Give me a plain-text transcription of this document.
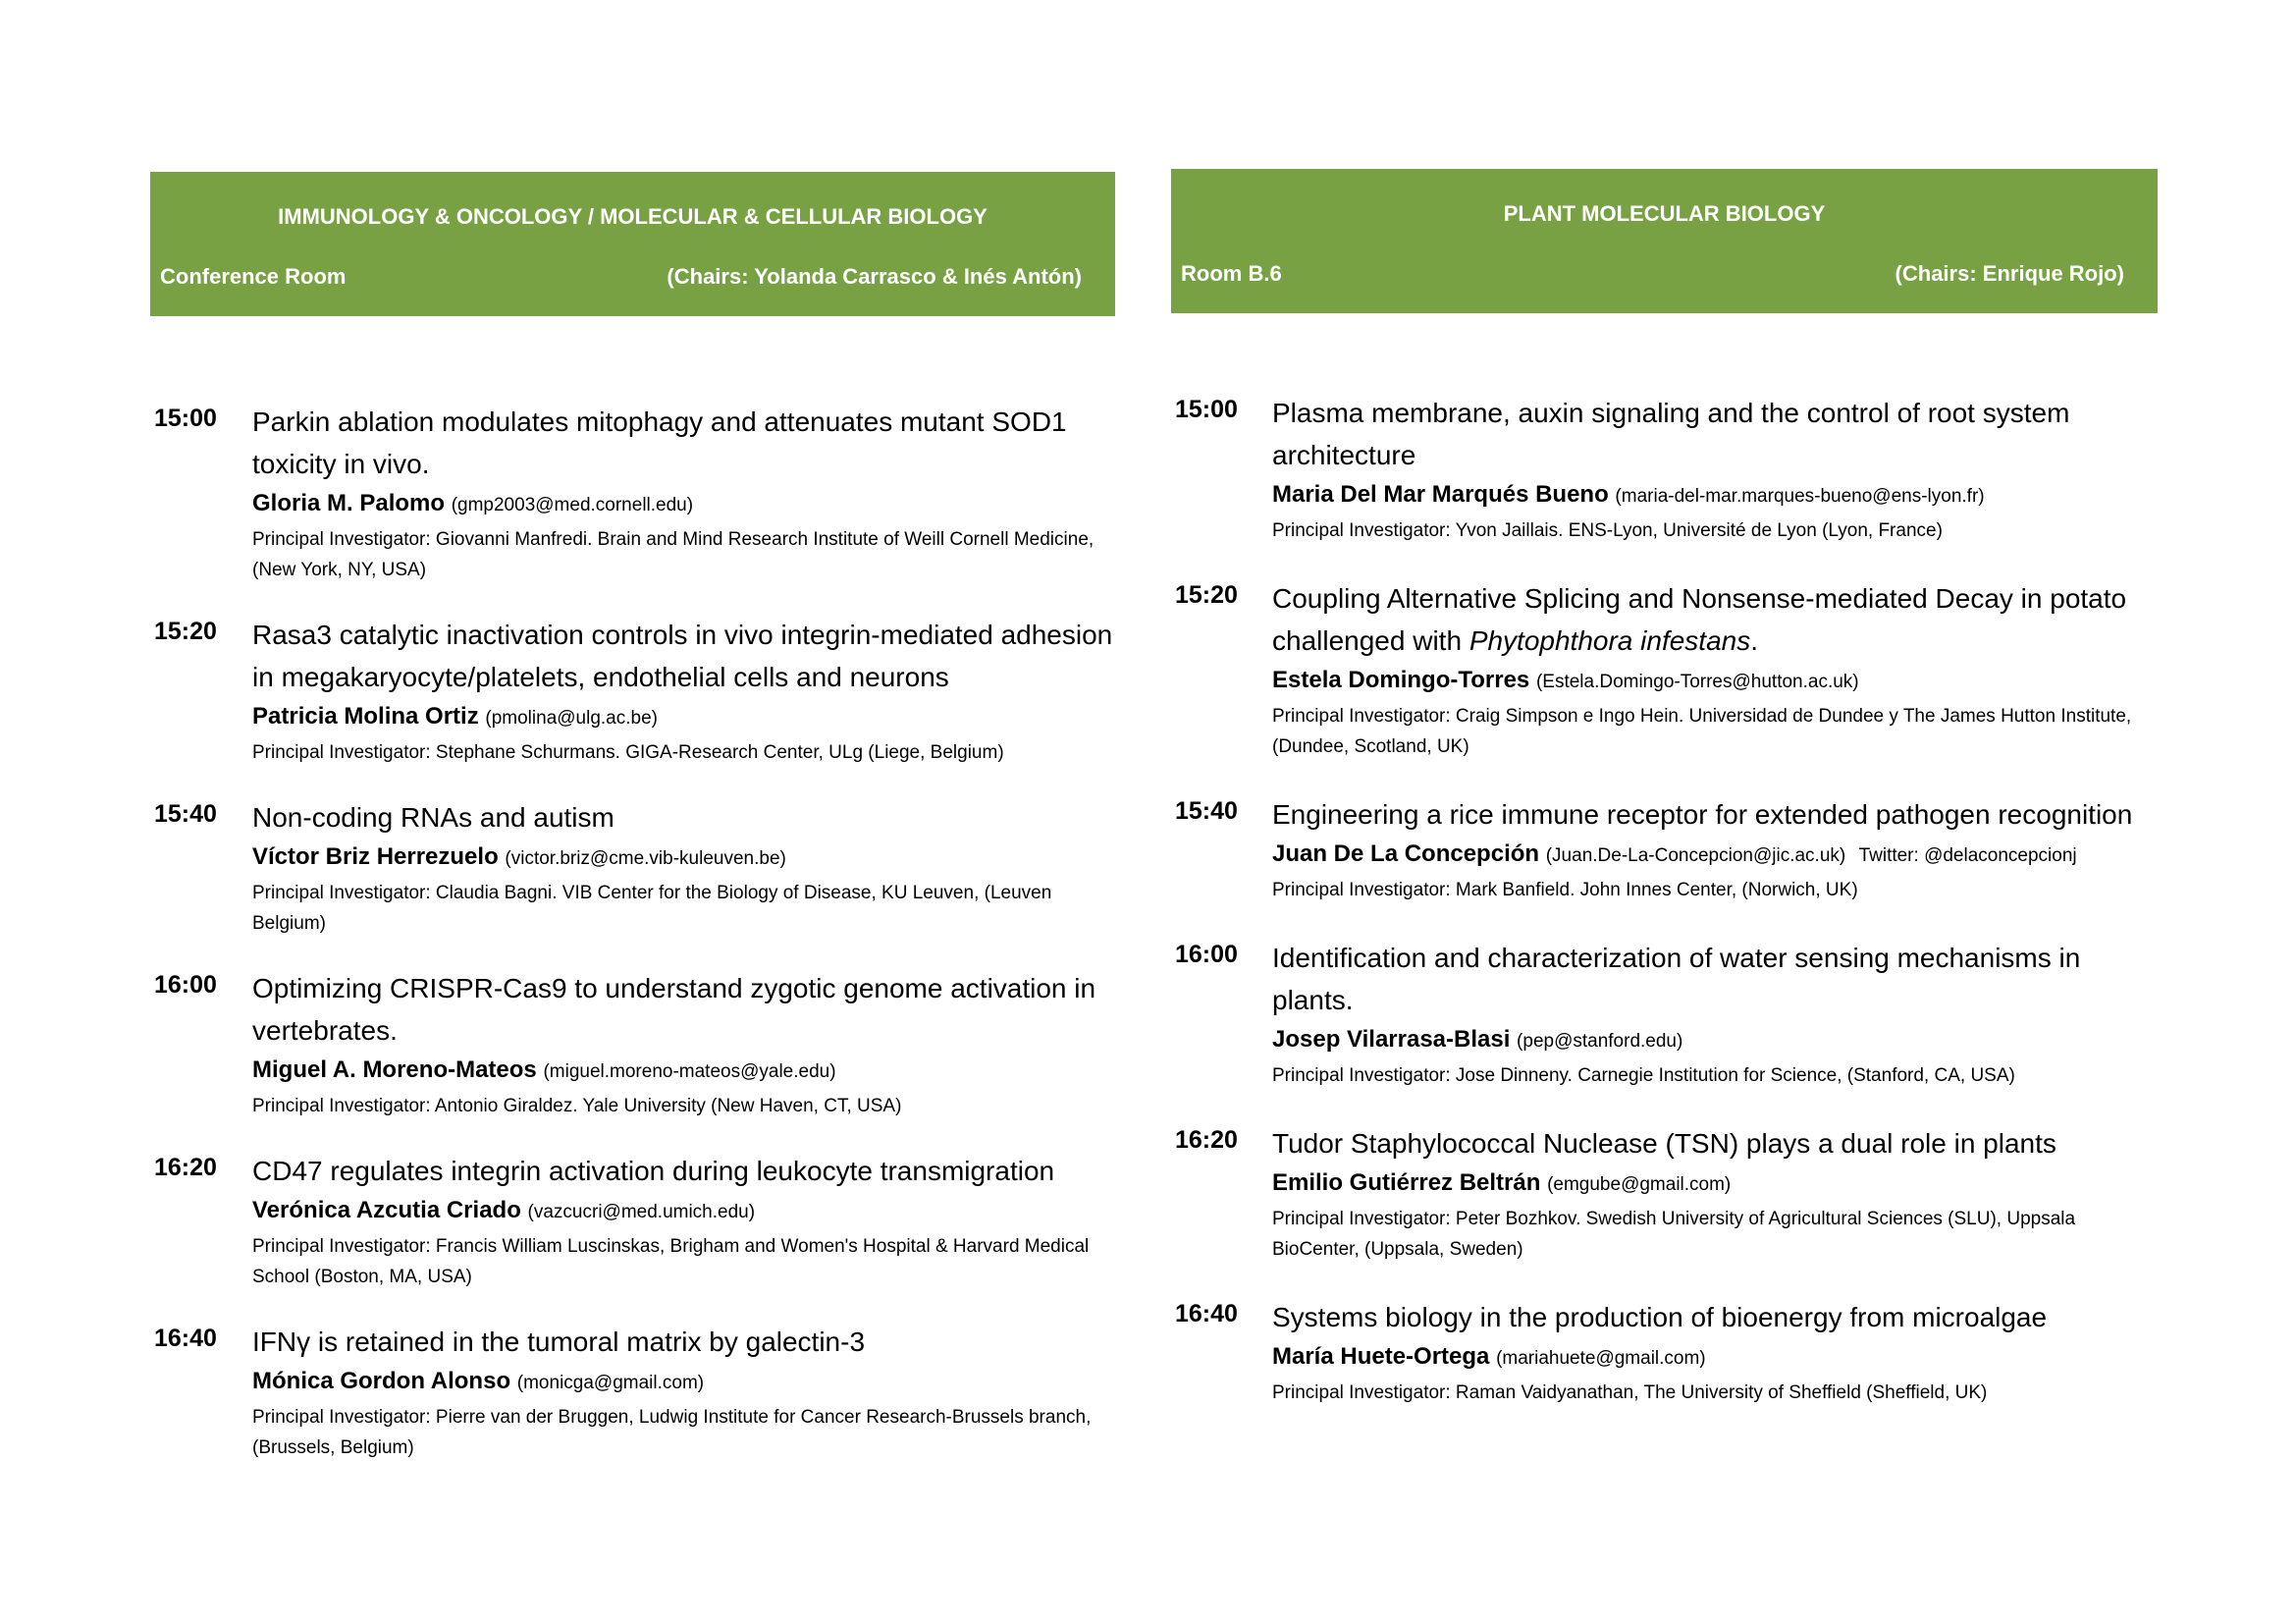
IMMUNOLOGY & ONCOLOGY / MOLECULAR & CELLULAR BIOLOGY
Conference Room	(Chairs: Yolanda Carrasco & Inés Antón)
15:00 Parkin ablation modulates mitophagy and attenuates mutant SOD1 toxicity in vivo.
Gloria M. Palomo (gmp2003@med.cornell.edu)
Principal Investigator: Giovanni Manfredi. Brain and Mind Research Institute of Weill Cornell Medicine, (New York, NY, USA)
15:20 Rasa3 catalytic inactivation controls in vivo integrin-mediated adhesion in megakaryocyte/platelets, endothelial cells and neurons
Patricia Molina Ortiz (pmolina@ulg.ac.be)
Principal Investigator: Stephane Schurmans. GIGA-Research Center, ULg (Liege, Belgium)
15:40 Non-coding RNAs and autism
Víctor Briz Herrezuelo (victor.briz@cme.vib-kuleuven.be)
Principal Investigator: Claudia Bagni. VIB Center for the Biology of Disease, KU Leuven, (Leuven Belgium)
16:00 Optimizing CRISPR-Cas9 to understand zygotic genome activation in vertebrates.
Miguel A. Moreno-Mateos (miguel.moreno-mateos@yale.edu)
Principal Investigator: Antonio Giraldez. Yale University (New Haven, CT, USA)
16:20 CD47 regulates integrin activation during leukocyte transmigration
Verónica Azcutia Criado (vazcucri@med.umich.edu)
Principal Investigator: Francis William Luscinskas, Brigham and Women's Hospital & Harvard Medical School (Boston, MA, USA)
16:40 IFNγ is retained in the tumoral matrix by galectin-3
Mónica Gordon Alonso (monicga@gmail.com)
Principal Investigator: Pierre van der Bruggen, Ludwig Institute for Cancer Research-Brussels branch, (Brussels, Belgium)
PLANT MOLECULAR BIOLOGY
Room B.6	(Chairs: Enrique Rojo)
15:00 Plasma membrane, auxin signaling and the control of root system architecture
Maria Del Mar Marqués Bueno (maria-del-mar.marques-bueno@ens-lyon.fr)
Principal Investigator: Yvon Jaillais. ENS-Lyon, Université de Lyon (Lyon, France)
15:20 Coupling Alternative Splicing and Nonsense-mediated Decay in potato challenged with Phytophthora infestans.
Estela Domingo-Torres (Estela.Domingo-Torres@hutton.ac.uk)
Principal Investigator: Craig Simpson e Ingo Hein. Universidad de Dundee y The James Hutton Institute, (Dundee, Scotland, UK)
15:40 Engineering a rice immune receptor for extended pathogen recognition
Juan De La Concepción (Juan.De-La-Concepcion@jic.ac.uk) Twitter: @delaconcepcionj
Principal Investigator: Mark Banfield. John Innes Center, (Norwich, UK)
16:00 Identification and characterization of water sensing mechanisms in plants.
Josep Vilarrasa-Blasi (pep@stanford.edu)
Principal Investigator: Jose Dinneny. Carnegie Institution for Science, (Stanford, CA, USA)
16:20 Tudor Staphylococcal Nuclease (TSN) plays a dual role in plants
Emilio Gutiérrez Beltrán (emgube@gmail.com)
Principal Investigator: Peter Bozhkov. Swedish University of Agricultural Sciences (SLU), Uppsala BioCenter, (Uppsala, Sweden)
16:40 Systems biology in the production of bioenergy from microalgae
María Huete-Ortega (mariahuete@gmail.com)
Principal Investigator: Raman Vaidyanathan, The University of Sheffield (Sheffield, UK)
